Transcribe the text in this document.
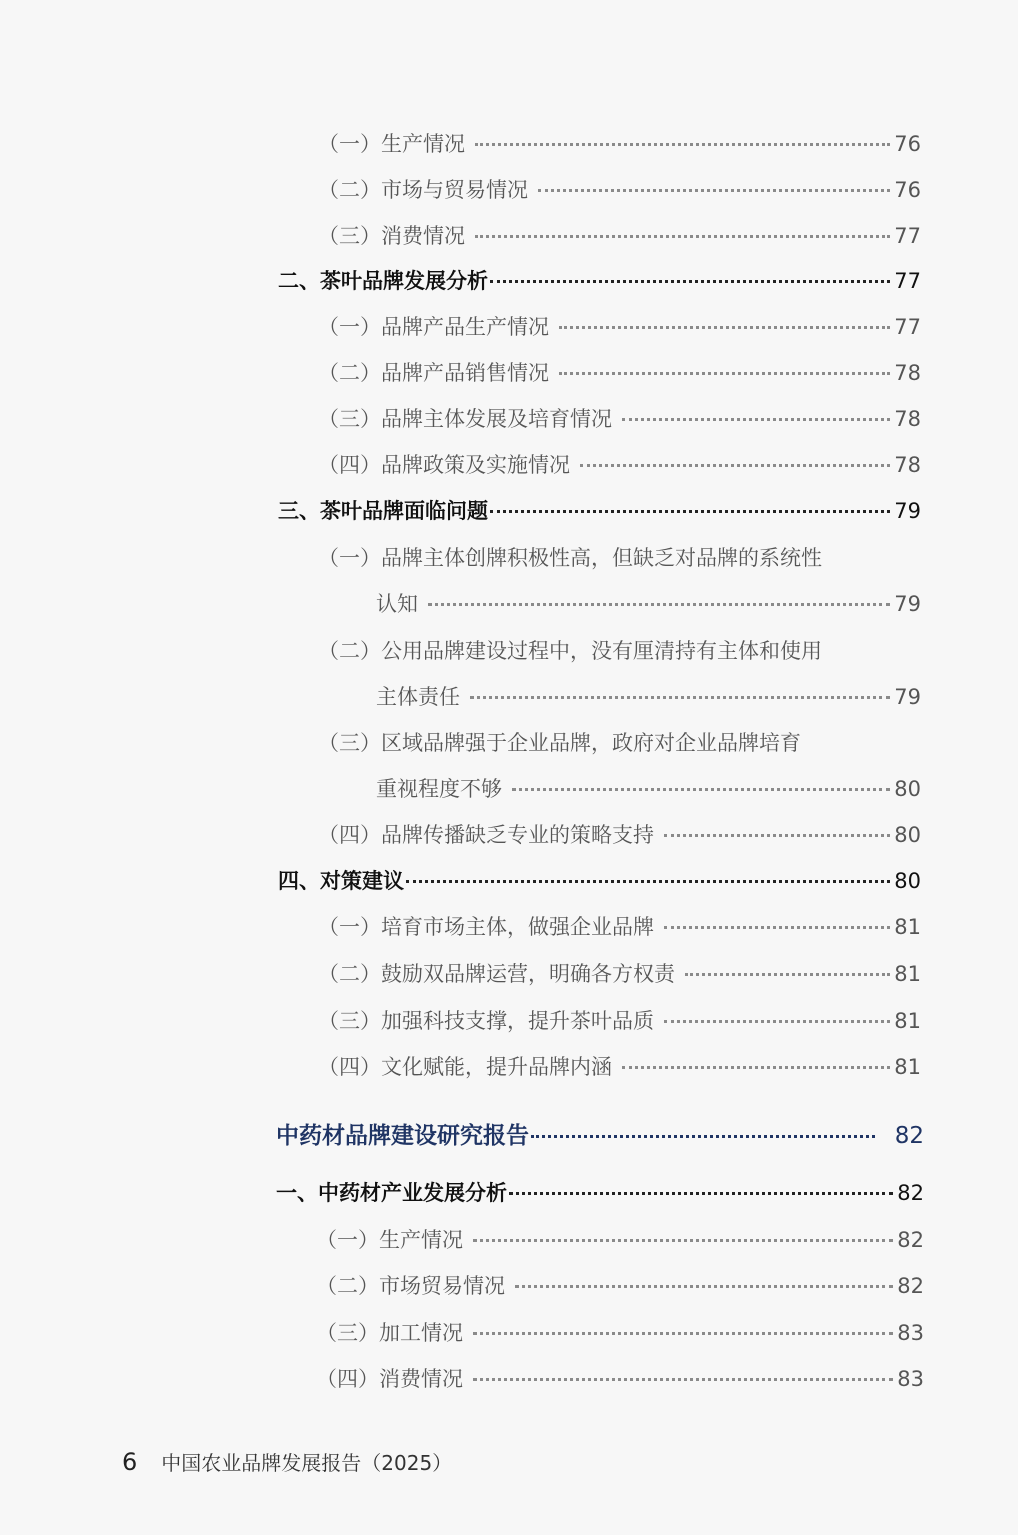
（一）生产情况	76
（二）市场与贸易情况	76
（三）消费情况	77
二、茶叶品牌发展分析	77
（一）品牌产品生产情况	77
（二）品牌产品销售情况	78
（三）品牌主体发展及培育情况	78
（四）品牌政策及实施情况	78
三、茶叶品牌面临问题	79
（一）品牌主体创牌积极性高，但缺乏对品牌的系统性
认知	79
（二）公用品牌建设过程中，没有厘清持有主体和使用
主体责任	79
（三）区域品牌强于企业品牌，政府对企业品牌培育
重视程度不够	80
（四）品牌传播缺乏专业的策略支持	80
四、对策建议	80
（一）培育市场主体，做强企业品牌	81
（二）鼓励双品牌运营，明确各方权责	81
（三）加强科技支撑，提升茶叶品质	81
（四）文化赋能，提升品牌内涵	81
中药材品牌建设研究报告	82
一、中药材产业发展分析	82
（一）生产情况	82
（二）市场贸易情况	82
（三）加工情况	83
（四）消费情况	83
6 中国农业品牌发展报告（2025）
